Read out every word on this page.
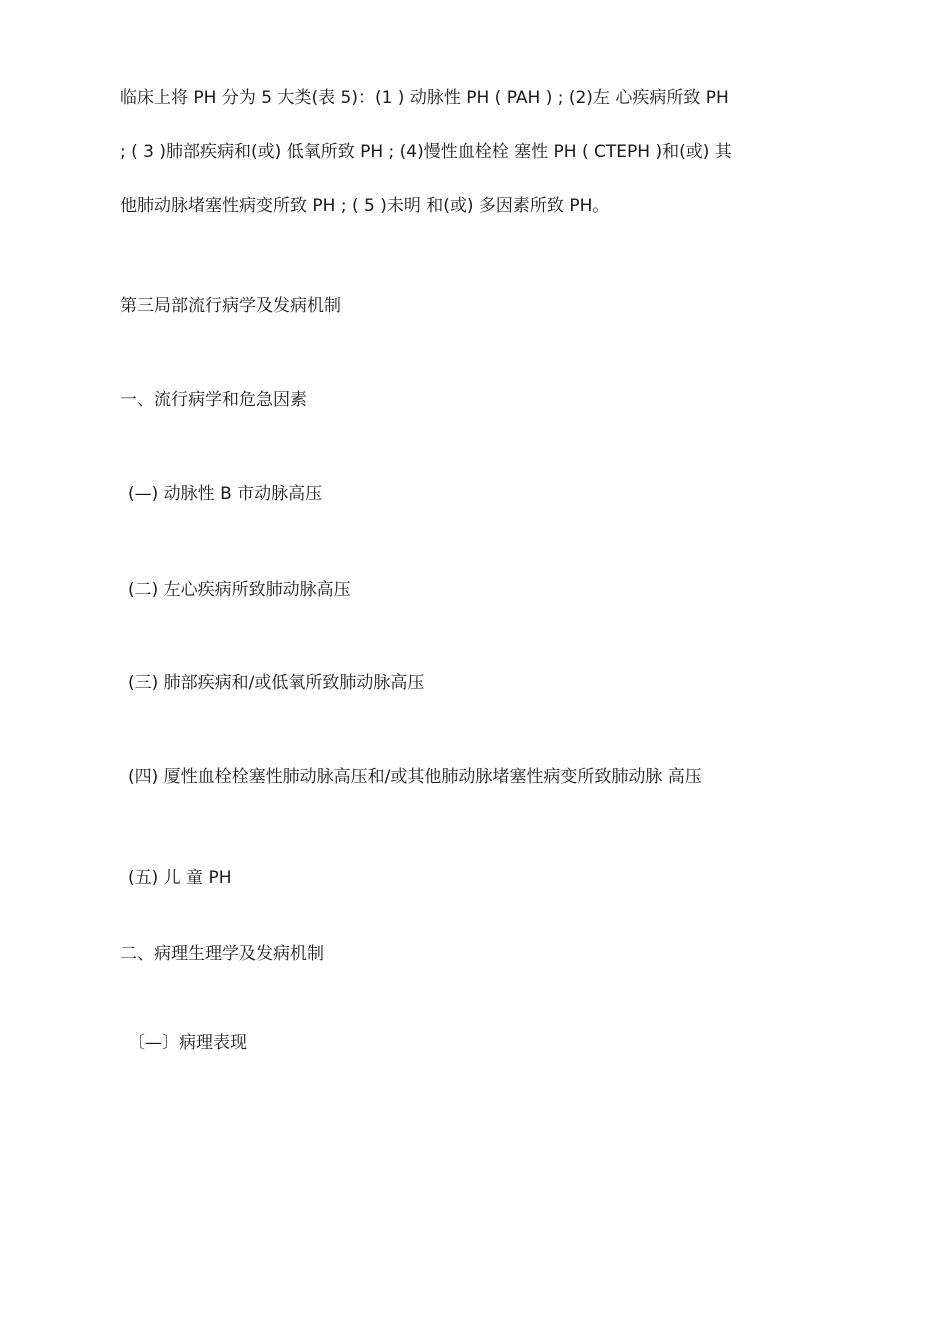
临床上将 PH 分为 5 大类(表 5)：(1 ) 动脉性 PH ( PAH ) ; (2)左 心疾病所致 PH
; ( 3 )肺部疾病和(或) 低氧所致 PH ; (4)慢性血栓栓 塞性 PH ( CTEPH )和(或) 其
他肺动脉堵塞性病变所致 PH ; ( 5 )未明 和(或) 多因素所致 PH。
第三局部流行病学及发病机制
一、流行病学和危急因素
(—) 动脉性 B 市动脉高压
(二) 左心疾病所致肺动脉高压
(三) 肺部疾病和/或低氧所致肺动脉高压
(四) 厦性血栓栓塞性肺动脉高压和/或其他肺动脉堵塞性病变所致肺动脉 高压
(五) 儿 童 PH
二、病理生理学及发病机制
〔—〕病理表现
